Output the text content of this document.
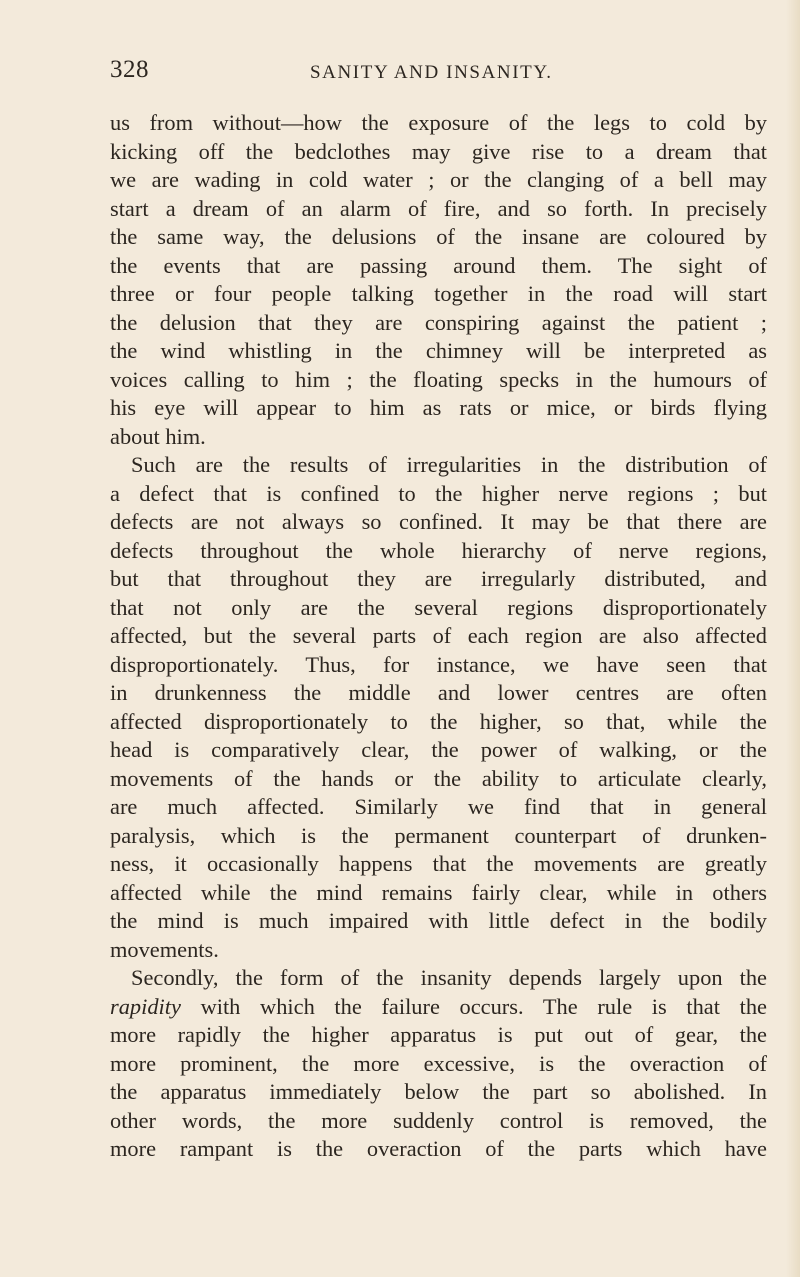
328	SANITY AND INSANITY.
us from without—how the exposure of the legs to cold by
kicking off the bedclothes may give rise to a dream that
we are wading in cold water ; or the clanging of a bell may
start a dream of an alarm of fire, and so forth. In precisely
the same way, the delusions of the insane are coloured by
the events that are passing around them. The sight of
three or four people talking together in the road will start
the delusion that they are conspiring against the patient ;
the wind whistling in the chimney will be interpreted as
voices calling to him ; the floating specks in the humours of
his eye will appear to him as rats or mice, or birds flying
about him.
Such are the results of irregularities in the distribution of
a defect that is confined to the higher nerve regions ; but
defects are not always so confined. It may be that there are
defects throughout the whole hierarchy of nerve regions,
but that throughout they are irregularly distributed, and
that not only are the several regions disproportionately
affected, but the several parts of each region are also affected
disproportionately. Thus, for instance, we have seen that
in drunkenness the middle and lower centres are often
affected disproportionately to the higher, so that, while the
head is comparatively clear, the power of walking, or the
movements of the hands or the ability to articulate clearly,
are much affected. Similarly we find that in general
paralysis, which is the permanent counterpart of drunken-
ness, it occasionally happens that the movements are greatly
affected while the mind remains fairly clear, while in others
the mind is much impaired with little defect in the bodily
movements.
Secondly, the form of the insanity depends largely upon the
rapidity with which the failure occurs. The rule is that the
more rapidly the higher apparatus is put out of gear, the
more prominent, the more excessive, is the overaction of
the apparatus immediately below the part so abolished. In
other words, the more suddenly control is removed, the
more rampant is the overaction of the parts which have
